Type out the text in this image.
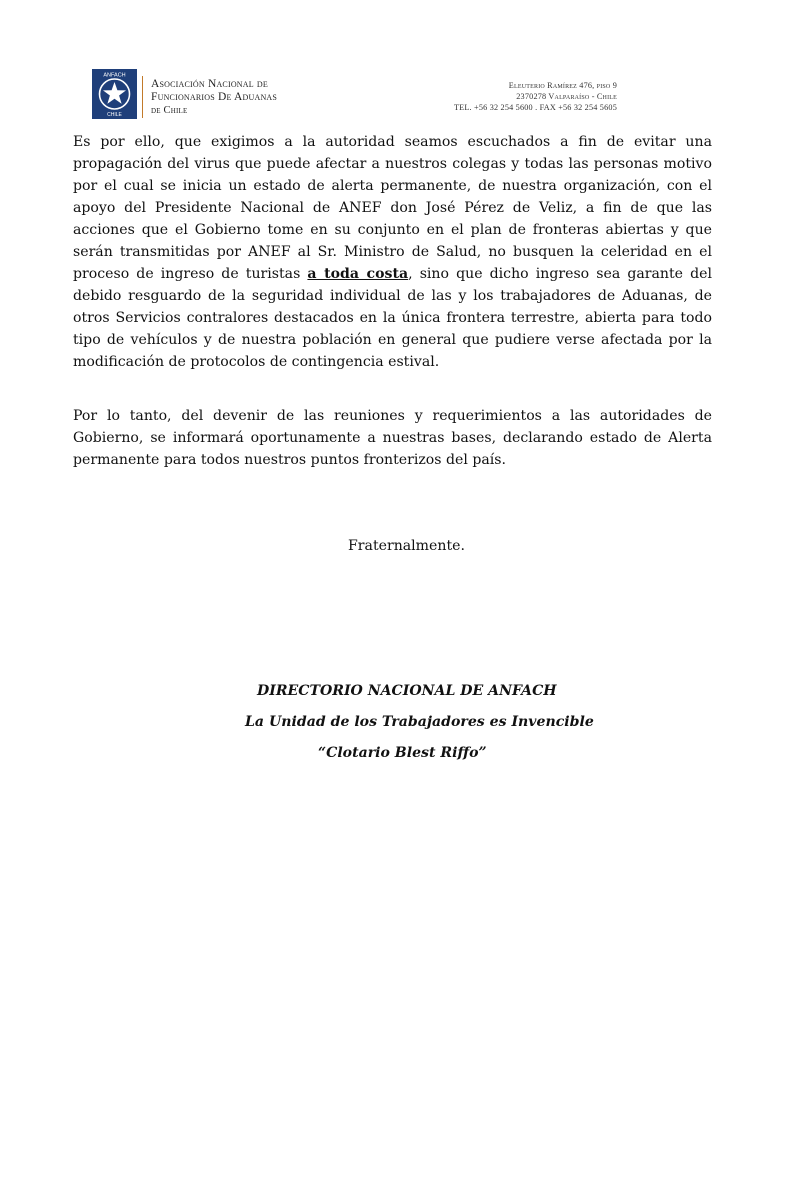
ANFACH
CHILE
Asociación Nacional de
Funcionarios De Aduanas
de Chile
Eleuterio Ramírez 476, piso 9
2370278 Valparaíso - Chile
TEL. +56 32 254 5600 . FAX +56 32 254 5605

Es por ello, que exigimos a la autoridad seamos escuchados a fin de evitar una propagación del virus que puede afectar a nuestros colegas y todas las personas motivo por el cual se inicia un estado de alerta permanente, de nuestra organización, con el apoyo del Presidente Nacional de ANEF don José Pérez de Veliz, a fin de que las acciones que el Gobierno tome en su conjunto en el plan de fronteras abiertas y que serán transmitidas por ANEF al Sr. Ministro de Salud, no busquen la celeridad en el proceso de ingreso de turistas a toda costa, sino que dicho ingreso sea garante del debido resguardo de la seguridad individual de las y los trabajadores de Aduanas, de otros Servicios contralores destacados en la única frontera terrestre, abierta para todo tipo de vehículos y de nuestra población en general que pudiere verse afectada por la modificación de protocolos de contingencia estival.

Por lo tanto, del devenir de las reuniones y requerimientos a las autoridades de Gobierno, se informará oportunamente a nuestras bases, declarando estado de Alerta permanente para todos nuestros puntos fronterizos del país.

Fraternalmente.
DIRECTORIO NACIONAL DE ANFACH
La Unidad de los Trabajadores es Invencible
“Clotario Blest Riffo”
